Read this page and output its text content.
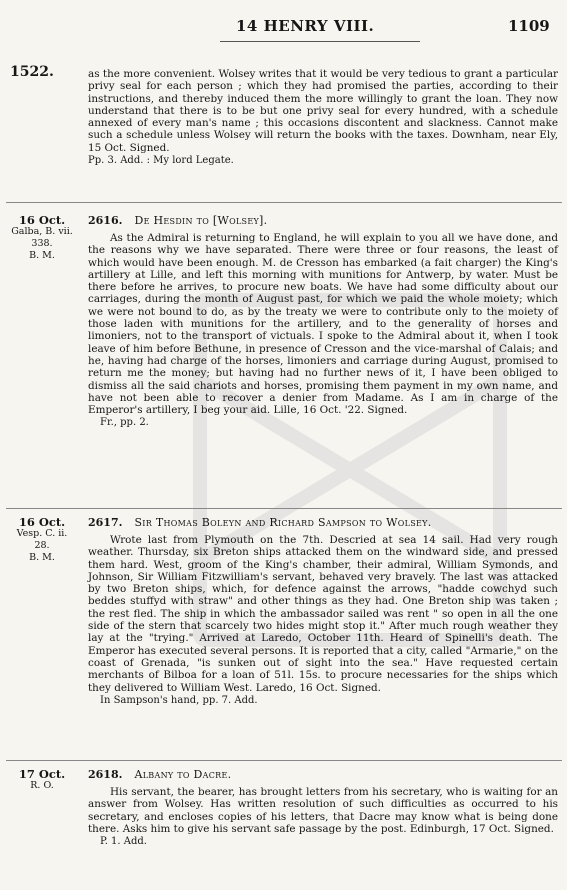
14 HENRY VIII.	1109
1522.	as the more convenient. Wolsey writes that it would be very tedious to grant a particular privy seal for each person ; which they had promised the parties, according to their instructions, and thereby induced them the more willingly to grant the loan. They now understand that there is to be but one privy seal for every hundred, with a schedule annexed of every man's name ; this occasions discontent and slackness. Cannot make such a schedule unless Wolsey will return the books with the taxes. Downham, near Ely, 15 Oct. Signed.

Pp. 3. Add. : My lord Legate.
16 Oct.
Galba, B. vii.
338.
B. M.
2616. De Hesdin to [Wolsey].

As the Admiral is returning to England, he will explain to you all we have done, and the reasons why we have separated. There were three or four reasons, the least of which would have been enough. M. de Cresson has embarked (a fait charger) the King's artillery at Lille, and left this morning with munitions for Antwerp, by water. Must be there before he arrives, to procure new boats. We have had some difficulty about our carriages, during the month of August past, for which we paid the whole moiety; which we were not bound to do, as by the treaty we were to contribute only to the moiety of those laden with munitions for the artillery, and to the generality of horses and limoniers, not to the transport of victuals. I spoke to the Admiral about it, when I took leave of him before Bethune, in presence of Cresson and the vice-marshal of Calais; and he, having had charge of the horses, limoniers and carriage during August, promised to return me the money; but having had no further news of it, I have been obliged to dismiss all the said chariots and horses, promising them payment in my own name, and have not been able to recover a denier from Madame. As I am in charge of the Emperor's artillery, I beg your aid. Lille, 16 Oct. '22. Signed.

Fr., pp. 2.
16 Oct.
Vesp. C. ii.
28.
B. M.
2617. Sir Thomas Boleyn and Richard Sampson to Wolsey.

Wrote last from Plymouth on the 7th. Descried at sea 14 sail. Had very rough weather. Thursday, six Breton ships attacked them on the windward side, and pressed them hard. West, groom of the King's chamber, their admiral, William Symonds, and Johnson, Sir William Fitzwilliam's servant, behaved very bravely. The last was attacked by two Breton ships, which, for defence against the arrows, "hadde cowchyd such beddes stuffyd with straw" and other things as they had. One Breton ship was taken ; the rest fled. The ship in which the ambassador sailed was rent " so open in all the one side of the stern that scarcely two hides might stop it." After much rough weather they lay at the "trying." Arrived at Laredo, October 11th. Heard of Spinelli's death. The Emperor has executed several persons. It is reported that a city, called "Armarie," on the coast of Grenada, "is sunken out of sight into the sea." Have requested certain merchants of Bilboa for a loan of 51l. 15s. to procure necessaries for the ships which they delivered to William West. Laredo, 16 Oct. Signed.

In Sampson's hand, pp. 7. Add.
17 Oct.
R. O.
2618. Albany to Dacre.

His servant, the bearer, has brought letters from his secretary, who is waiting for an answer from Wolsey. Has written resolution of such difficulties as occurred to his secretary, and encloses copies of his letters, that Dacre may know what is being done there. Asks him to give his servant safe passage by the post. Edinburgh, 17 Oct. Signed.

P. 1. Add.
